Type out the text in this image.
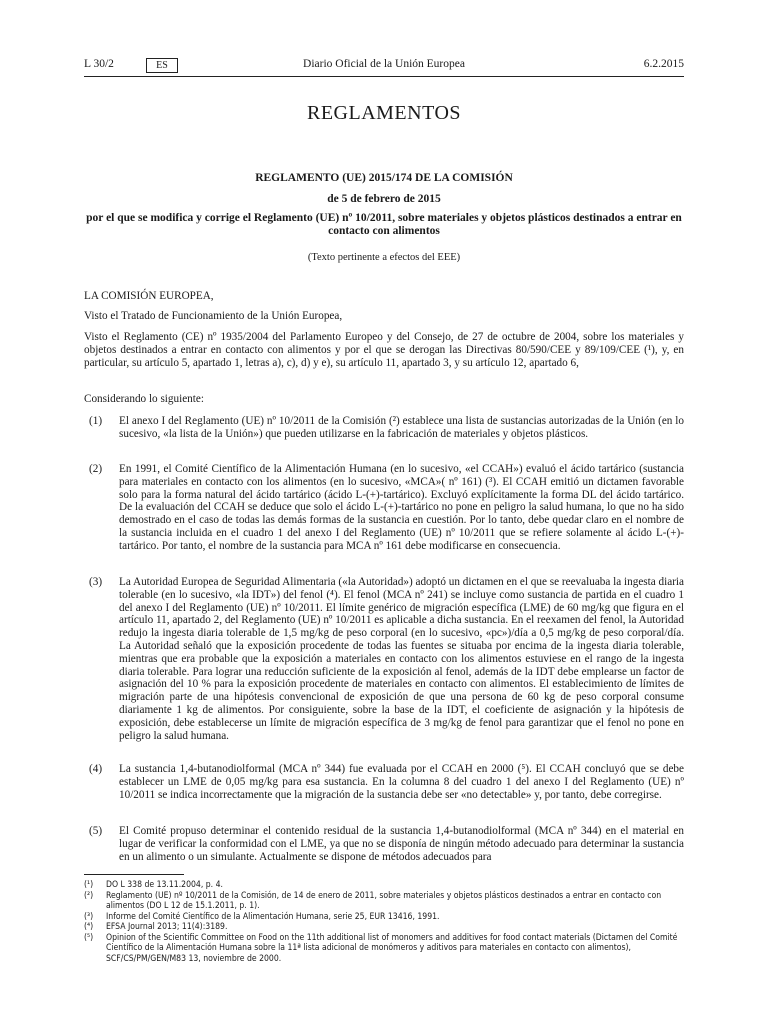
L 30/2	ES	Diario Oficial de la Unión Europea	6.2.2015
REGLAMENTOS
REGLAMENTO (UE) 2015/174 DE LA COMISIÓN
de 5 de febrero de 2015
por el que se modifica y corrige el Reglamento (UE) nº 10/2011, sobre materiales y objetos plásticos destinados a entrar en contacto con alimentos
(Texto pertinente a efectos del EEE)
LA COMISIÓN EUROPEA,
Visto el Tratado de Funcionamiento de la Unión Europea,
Visto el Reglamento (CE) nº 1935/2004 del Parlamento Europeo y del Consejo, de 27 de octubre de 2004, sobre los materiales y objetos destinados a entrar en contacto con alimentos y por el que se derogan las Directivas 80/590/CEE y 89/109/CEE (¹), y, en particular, su artículo 5, apartado 1, letras a), c), d) y e), su artículo 11, apartado 3, y su artículo 12, apartado 6,
Considerando lo siguiente:
(1) El anexo I del Reglamento (UE) nº 10/2011 de la Comisión (²) establece una lista de sustancias autorizadas de la Unión (en lo sucesivo, «la lista de la Unión») que pueden utilizarse en la fabricación de materiales y objetos plásticos.
(2) En 1991, el Comité Científico de la Alimentación Humana (en lo sucesivo, «el CCAH») evaluó el ácido tartárico (sustancia para materiales en contacto con los alimentos (en lo sucesivo, «MCA»( nº 161) (³). El CCAH emitió un dictamen favorable solo para la forma natural del ácido tartárico (ácido L-(+)-tartárico). Excluyó explícitamente la forma DL del ácido tartárico. De la evaluación del CCAH se deduce que solo el ácido L-(+)-tartárico no pone en peligro la salud humana, lo que no ha sido demostrado en el caso de todas las demás formas de la sustancia en cuestión. Por lo tanto, debe quedar claro en el nombre de la sustancia incluida en el cuadro 1 del anexo I del Reglamento (UE) nº 10/2011 que se refiere solamente al ácido L-(+)-tartárico. Por tanto, el nombre de la sustancia para MCA nº 161 debe modificarse en consecuencia.
(3) La Autoridad Europea de Seguridad Alimentaria («la Autoridad») adoptó un dictamen en el que se reevaluaba la ingesta diaria tolerable (en lo sucesivo, «la IDT») del fenol (⁴). El fenol (MCA nº 241) se incluye como sustancia de partida en el cuadro 1 del anexo I del Reglamento (UE) nº 10/2011. El límite genérico de migración específica (LME) de 60 mg/kg que figura en el artículo 11, apartado 2, del Reglamento (UE) nº 10/2011 es aplicable a dicha sustancia. En el reexamen del fenol, la Autoridad redujo la ingesta diaria tolerable de 1,5 mg/kg de peso corporal (en lo sucesivo, «pc»)/día a 0,5 mg/kg de peso corporal/día. La Autoridad señaló que la exposición procedente de todas las fuentes se situaba por encima de la ingesta diaria tolerable, mientras que era probable que la exposición a materiales en contacto con los alimentos estuviese en el rango de la ingesta diaria tolerable. Para lograr una reducción suficiente de la exposición al fenol, además de la IDT debe emplearse un factor de asignación del 10 % para la exposición procedente de materiales en contacto con alimentos. El establecimiento de límites de migración parte de una hipótesis convencional de exposición de que una persona de 60 kg de peso corporal consume diariamente 1 kg de alimentos. Por consiguiente, sobre la base de la IDT, el coeficiente de asignación y la hipótesis de exposición, debe establecerse un límite de migración específica de 3 mg/kg de fenol para garantizar que el fenol no pone en peligro la salud humana.
(4) La sustancia 1,4-butanodiolformal (MCA nº 344) fue evaluada por el CCAH en 2000 (⁵). El CCAH concluyó que se debe establecer un LME de 0,05 mg/kg para esa sustancia. En la columna 8 del cuadro 1 del anexo I del Reglamento (UE) nº 10/2011 se indica incorrectamente que la migración de la sustancia debe ser «no detectable» y, por tanto, debe corregirse.
(5) El Comité propuso determinar el contenido residual de la sustancia 1,4-butanodiolformal (MCA nº 344) en el material en lugar de verificar la conformidad con el LME, ya que no se disponía de ningún método adecuado para determinar la sustancia en un alimento o un simulante. Actualmente se dispone de métodos adecuados para
(¹) DO L 338 de 13.11.2004, p. 4.
(²) Reglamento (UE) nº 10/2011 de la Comisión, de 14 de enero de 2011, sobre materiales y objetos plásticos destinados a entrar en contacto con alimentos (DO L 12 de 15.1.2011, p. 1).
(³) Informe del Comité Científico de la Alimentación Humana, serie 25, EUR 13416, 1991.
(⁴) EFSA Journal 2013; 11(4):3189.
(⁵) Opinion of the Scientific Committee on Food on the 11th additional list of monomers and additives for food contact materials (Dictamen del Comité Científico de la Alimentación Humana sobre la 11ª lista adicional de monómeros y aditivos para materiales en contacto con alimentos), SCF/CS/PM/GEN/M83 13, noviembre de 2000.
